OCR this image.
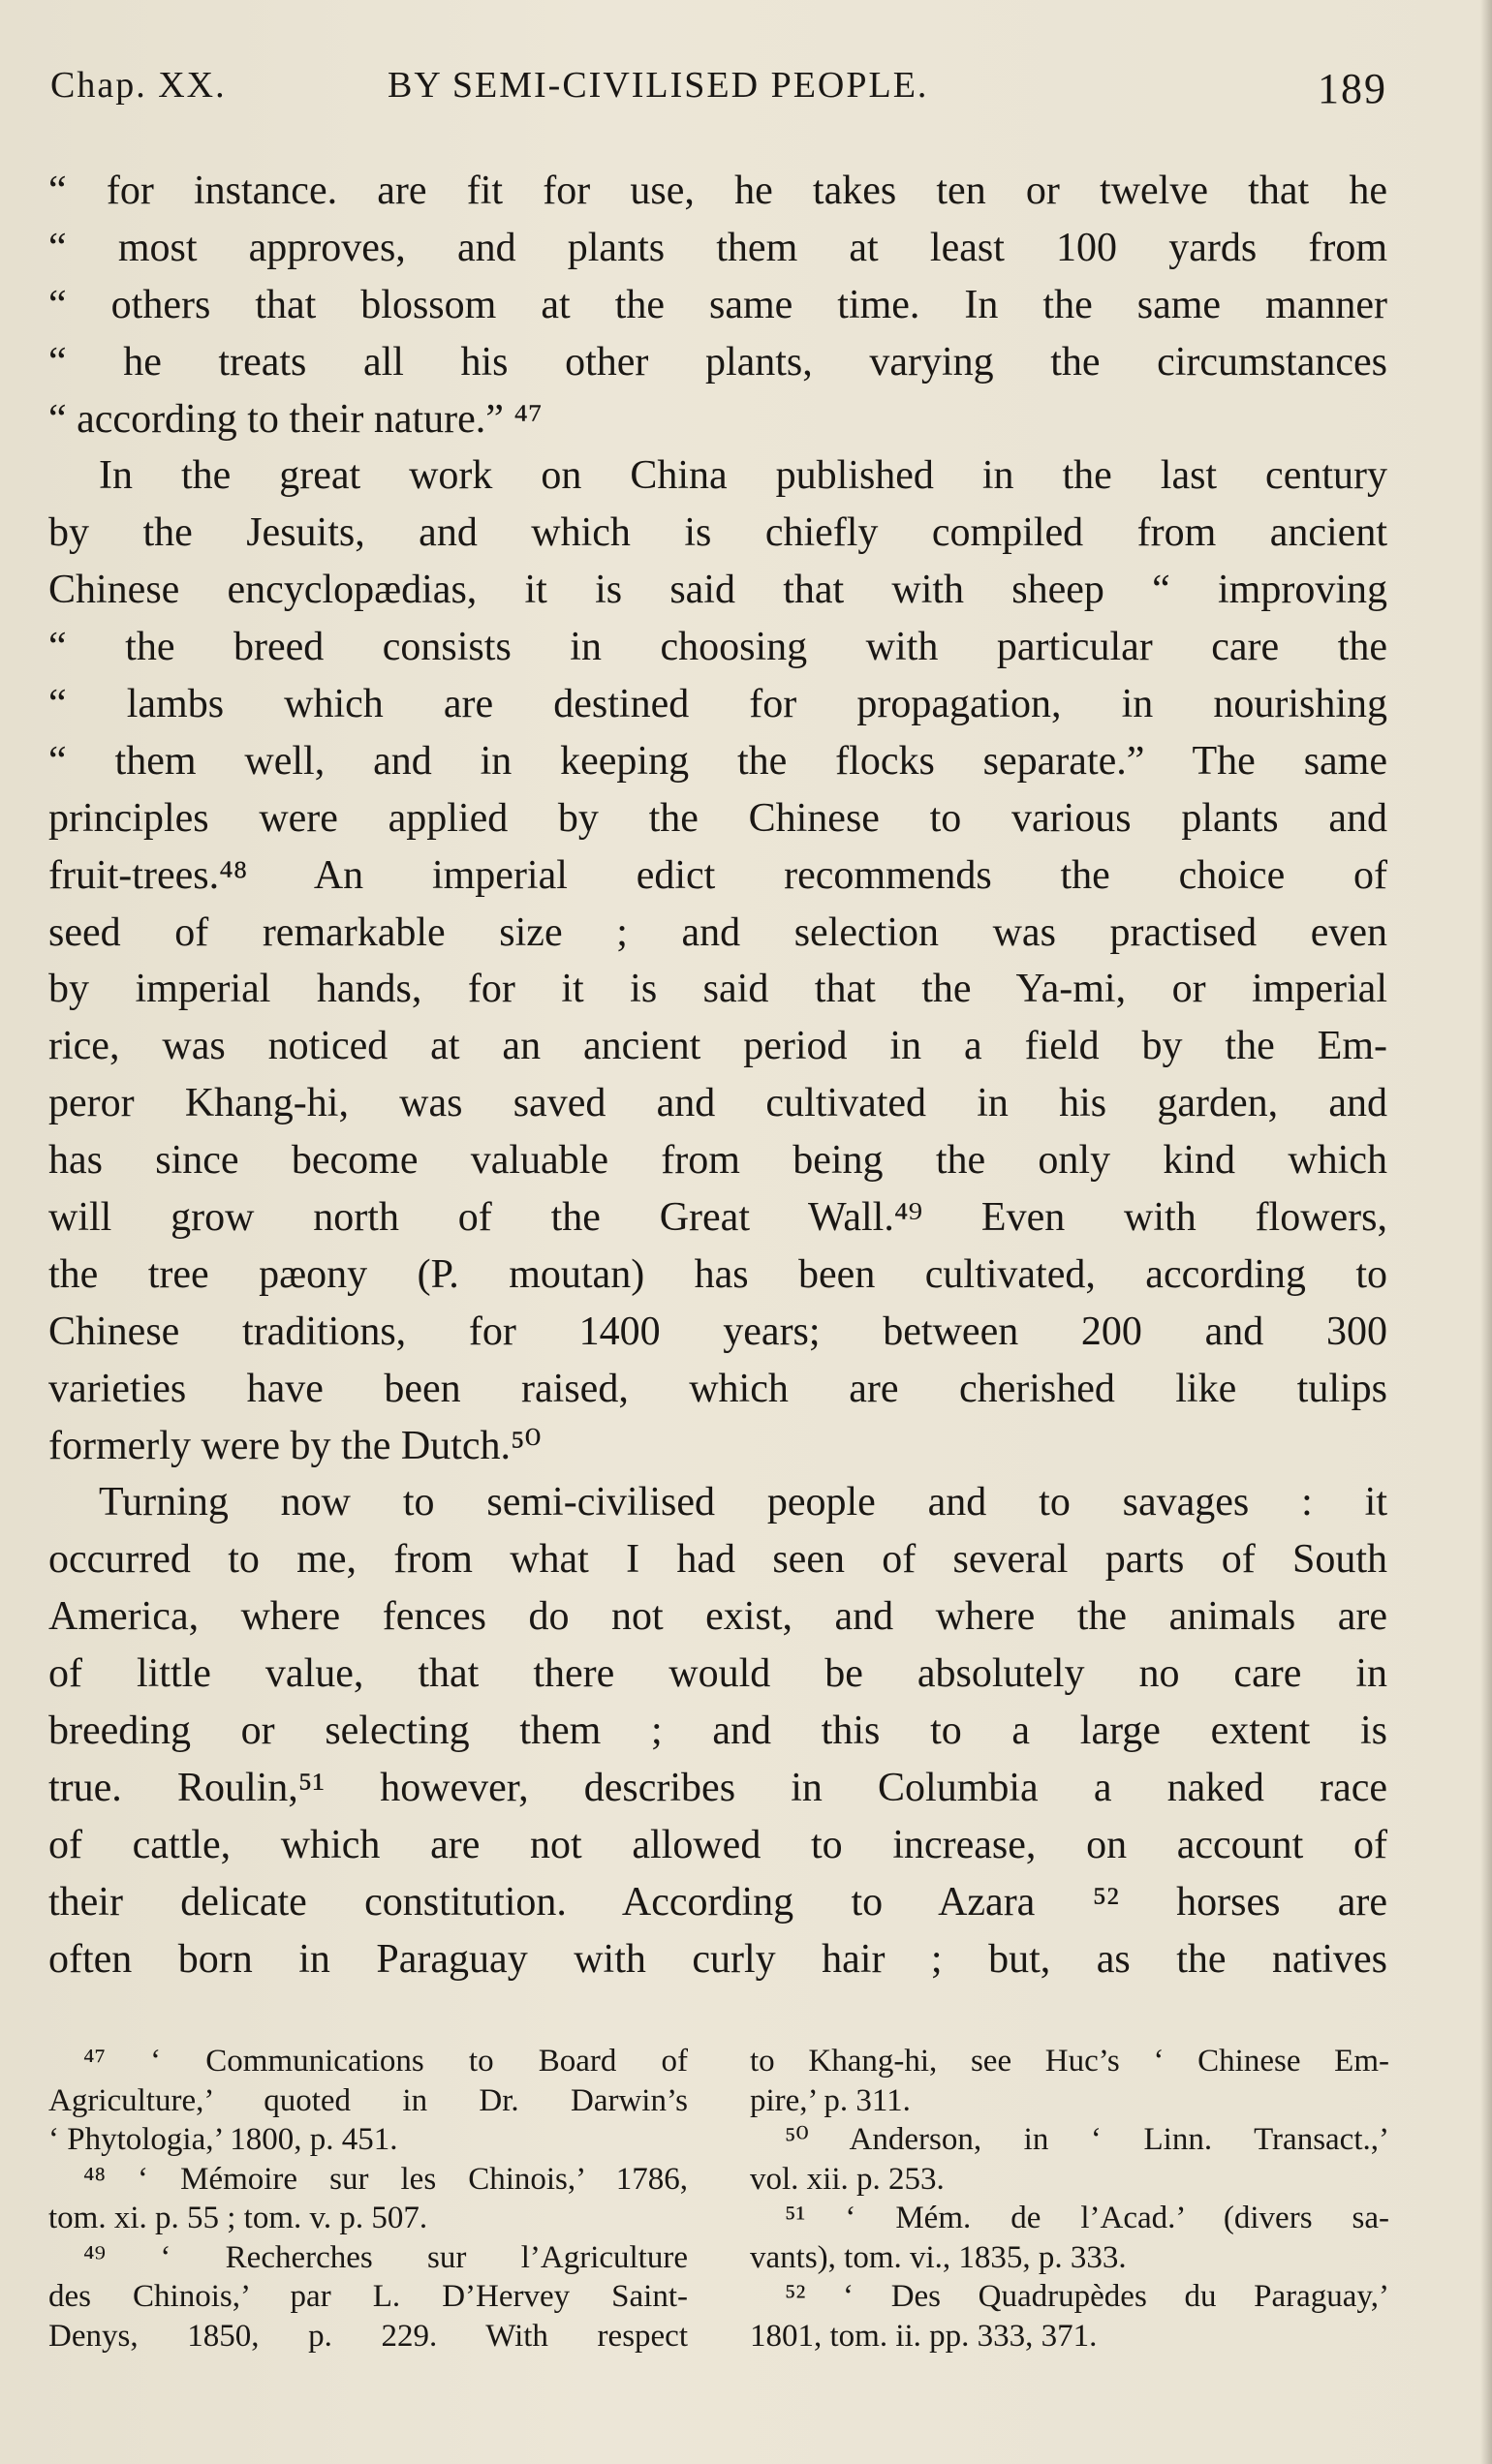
Chap. XX.	BY SEMI-CIVILISED PEOPLE.	189
“ for instance. are fit for use, he takes ten or twelve that he
“ most approves, and plants them at least 100 yards from
“ others that blossom at the same time. In the same manner
“ he treats all his other plants, varying the circumstances
“ according to their nature.” ⁴⁷
In the great work on China published in the last century
by the Jesuits, and which is chiefly compiled from ancient
Chinese encyclopædias, it is said that with sheep “ improving
“ the breed consists in choosing with particular care the
“ lambs which are destined for propagation, in nourishing
“ them well, and in keeping the flocks separate.” The same
principles were applied by the Chinese to various plants and
fruit-trees.⁴⁸ An imperial edict recommends the choice of
seed of remarkable size ; and selection was practised even
by imperial hands, for it is said that the Ya-mi, or imperial
rice, was noticed at an ancient period in a field by the Em-
peror Khang-hi, was saved and cultivated in his garden, and
has since become valuable from being the only kind which
will grow north of the Great Wall.⁴⁹ Even with flowers,
the tree pæony (P. moutan) has been cultivated, according to
Chinese traditions, for 1400 years; between 200 and 300
varieties have been raised, which are cherished like tulips
formerly were by the Dutch.⁵⁰
Turning now to semi-civilised people and to savages : it
occurred to me, from what I had seen of several parts of South
America, where fences do not exist, and where the animals are
of little value, that there would be absolutely no care in
breeding or selecting them ; and this to a large extent is
true. Roulin,⁵¹ however, describes in Columbia a naked race
of cattle, which are not allowed to increase, on account of
their delicate constitution. According to Azara ⁵² horses are
often born in Paraguay with curly hair ; but, as the natives
⁴⁷ ‘ Communications to Board of
Agriculture,’ quoted in Dr. Darwin’s
‘ Phytologia,’ 1800, p. 451.
⁴⁸ ‘ Mémoire sur les Chinois,’ 1786,
tom. xi. p. 55 ; tom. v. p. 507.
⁴⁹ ‘ Recherches sur l’Agriculture
des Chinois,’ par L. D’Hervey Saint-
Denys, 1850, p. 229. With respect
to Khang-hi, see Huc’s ‘ Chinese Em-
pire,’ p. 311.
⁵⁰ Anderson, in ‘ Linn. Transact.,’
vol. xii. p. 253.
⁵¹ ‘ Mém. de l’Acad.’ (divers sa-
vants), tom. vi., 1835, p. 333.
⁵² ‘ Des Quadrupèdes du Paraguay,’
1801, tom. ii. pp. 333, 371.
